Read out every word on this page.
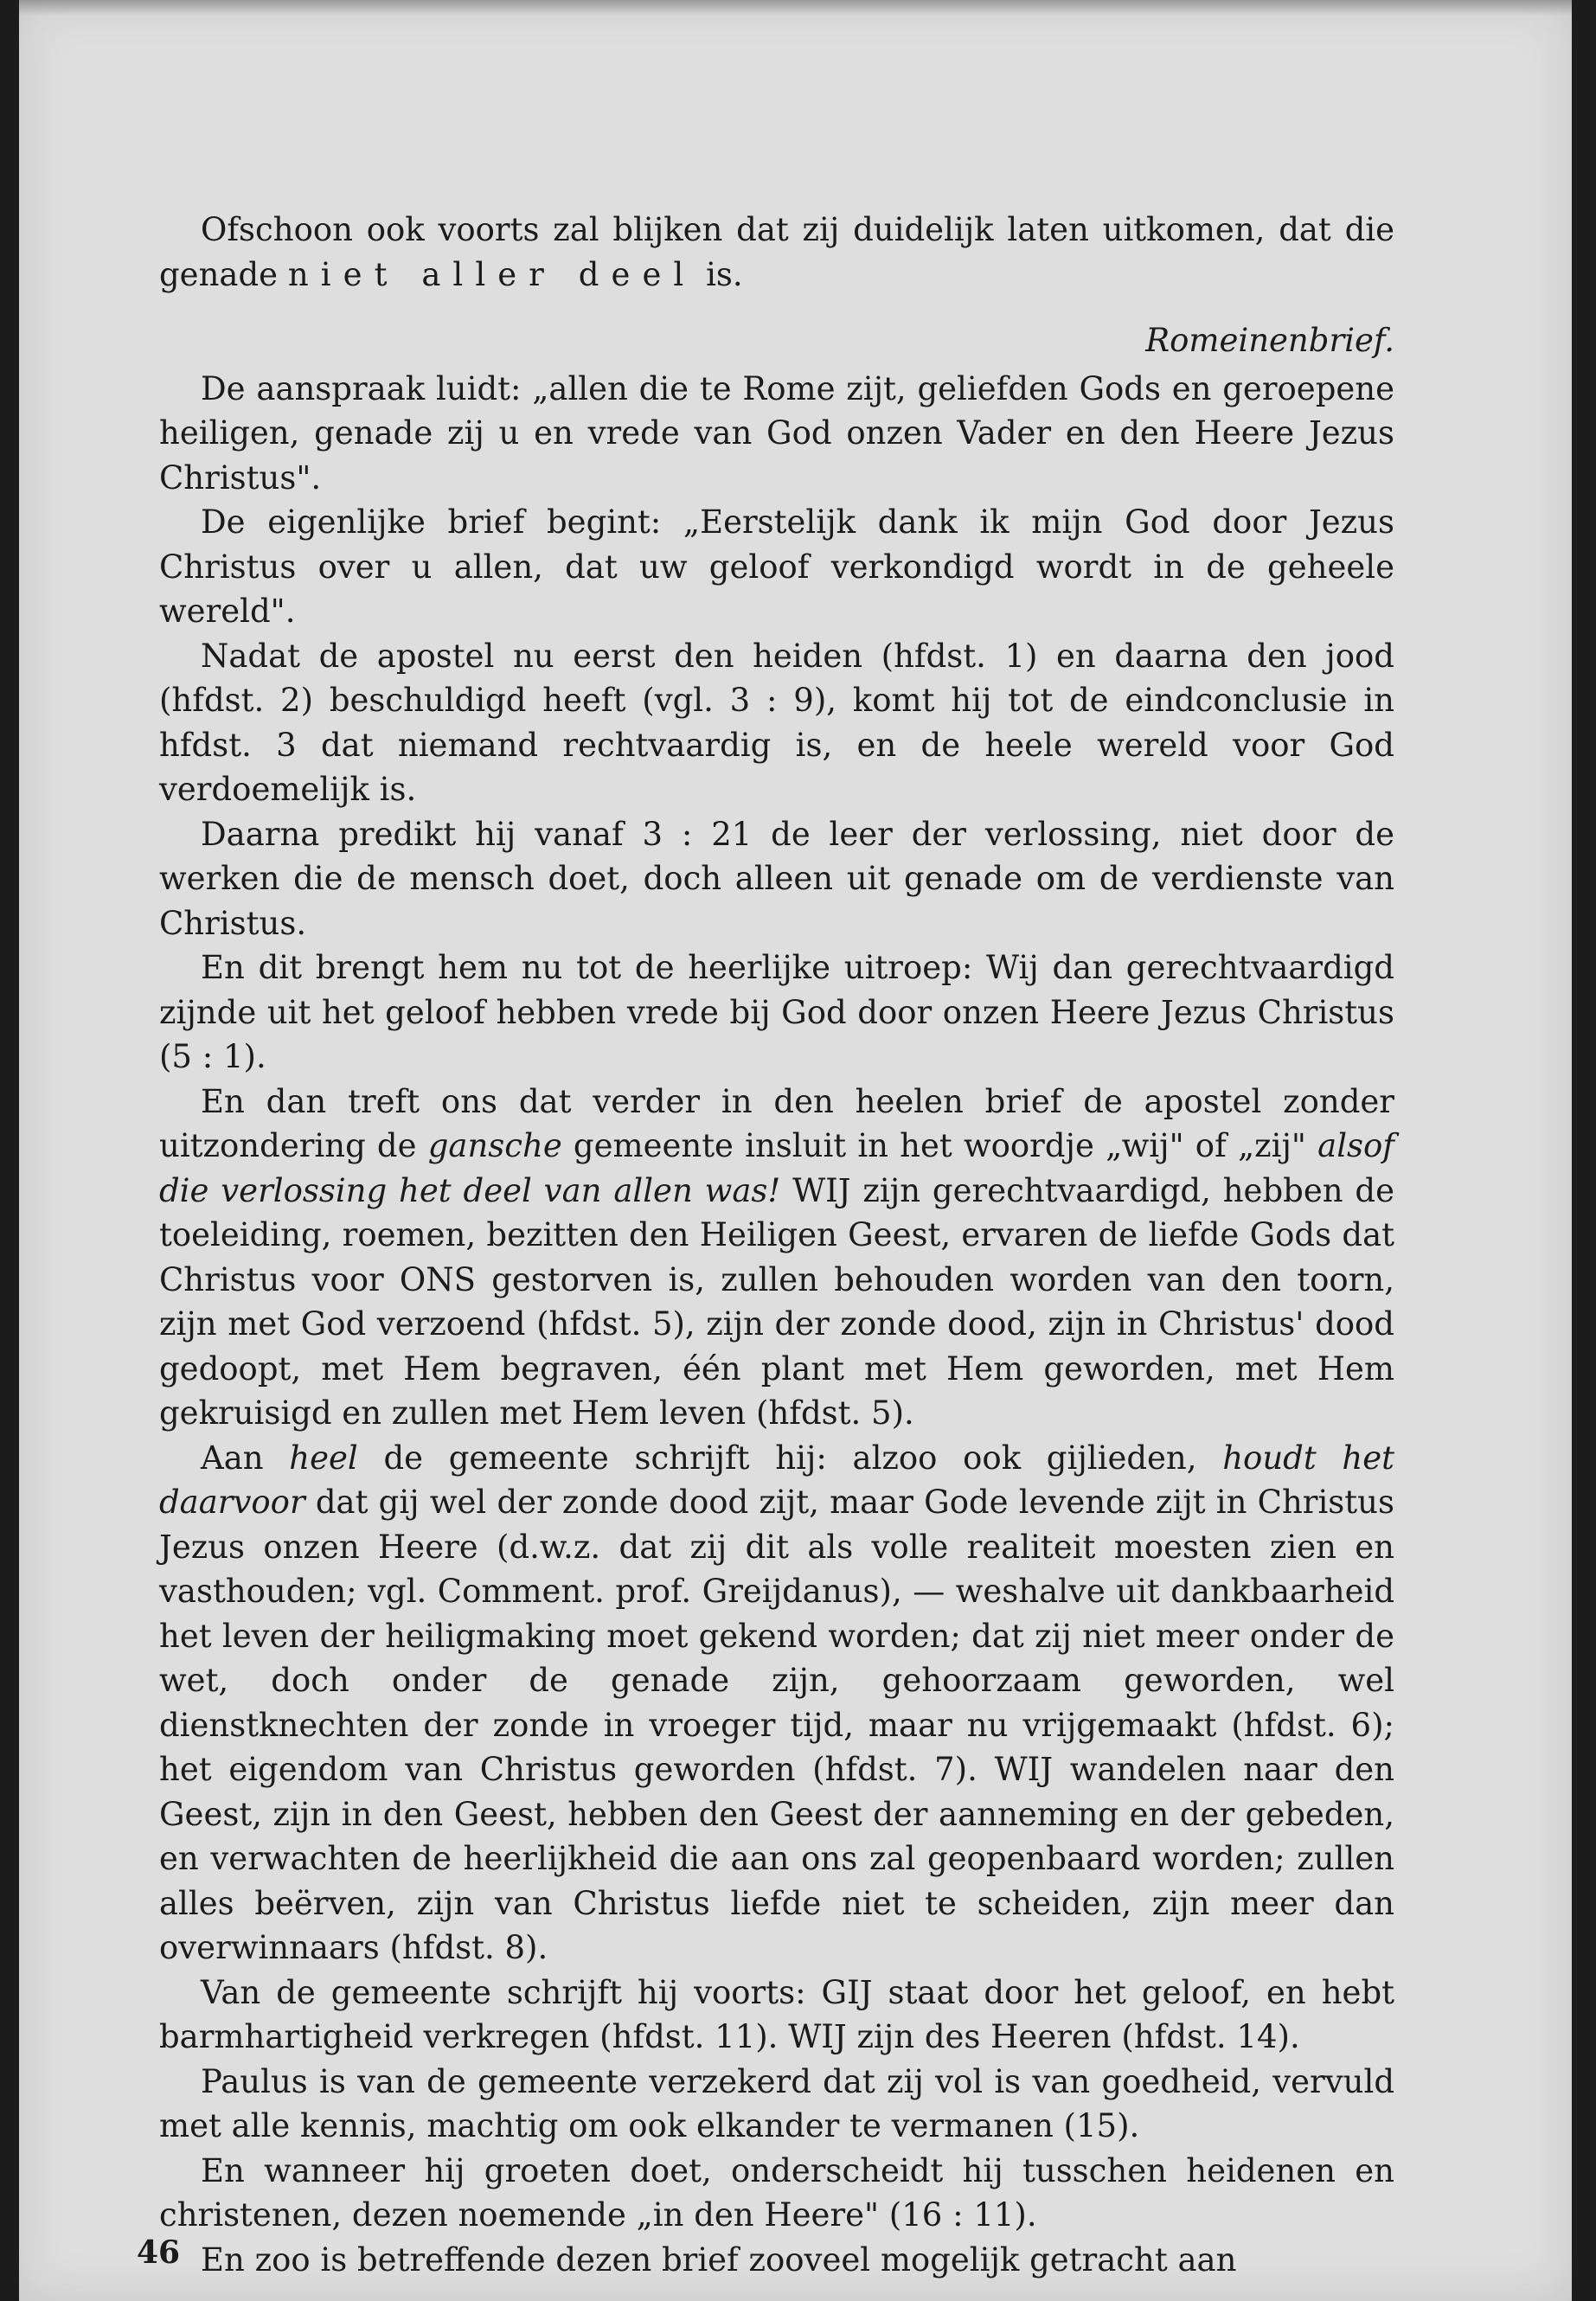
Ofschoon ook voorts zal blijken dat zij duidelijk laten uitkomen, dat die genade niet aller deel is.

Romeinenbrief.

De aanspraak luidt: „allen die te Rome zijt, geliefden Gods en geroepene heiligen, genade zij u en vrede van God onzen Vader en den Heere Jezus Christus".

De eigenlijke brief begint: „Eerstelijk dank ik mijn God door Jezus Christus over u allen, dat uw geloof verkondigd wordt in de geheele wereld".

Nadat de apostel nu eerst den heiden (hfdst. 1) en daarna den jood (hfdst. 2) beschuldigd heeft (vgl. 3 : 9), komt hij tot de eindconclusie in hfdst. 3 dat niemand rechtvaardig is, en de heele wereld voor God verdoemelijk is.

Daarna predikt hij vanaf 3 : 21 de leer der verlossing, niet door de werken die de mensch doet, doch alleen uit genade om de verdienste van Christus.

En dit brengt hem nu tot de heerlijke uitroep: Wij dan gerechtvaardigd zijnde uit het geloof hebben vrede bij God door onzen Heere Jezus Christus (5 : 1).

En dan treft ons dat verder in den heelen brief de apostel zonder uitzondering de gansche gemeente insluit in het woordje „wij" of „zij" alsof die verlossing het deel van allen was! WIJ zijn gerechtvaardigd, hebben de toeleiding, roemen, bezitten den Heiligen Geest, ervaren de liefde Gods dat Christus voor ONS gestorven is, zullen behouden worden van den toorn, zijn met God verzoend (hfdst. 5), zijn der zonde dood, zijn in Christus' dood gedoopt, met Hem begraven, één plant met Hem geworden, met Hem gekruisigd en zullen met Hem leven (hfdst. 5).

Aan heel de gemeente schrijft hij: alzoo ook gijlieden, houdt het daarvoor dat gij wel der zonde dood zijt, maar Gode levende zijt in Christus Jezus onzen Heere (d.w.z. dat zij dit als volle realiteit moesten zien en vasthouden; vgl. Comment. prof. Greijdanus), — weshalve uit dankbaarheid het leven der heiligmaking moet gekend worden; dat zij niet meer onder de wet, doch onder de genade zijn, gehoorzaam geworden, wel dienstknechten der zonde in vroeger tijd, maar nu vrijgemaakt (hfdst. 6); het eigendom van Christus geworden (hfdst. 7). WIJ wandelen naar den Geest, zijn in den Geest, hebben den Geest der aanneming en der gebeden, en verwachten de heerlijkheid die aan ons zal geopenbaard worden; zullen alles beërven, zijn van Christus liefde niet te scheiden, zijn meer dan overwinnaars (hfdst. 8).

Van de gemeente schrijft hij voorts: GIJ staat door het geloof, en hebt barmhartigheid verkregen (hfdst. 11). WIJ zijn des Heeren (hfdst. 14).

Paulus is van de gemeente verzekerd dat zij vol is van goedheid, vervuld met alle kennis, machtig om ook elkander te vermanen (15).

En wanneer hij groeten doet, onderscheidt hij tusschen heidenen en christenen, dezen noemende „in den Heere" (16 : 11).

En zoo is betreffende dezen brief zooveel mogelijk getracht aan

46
